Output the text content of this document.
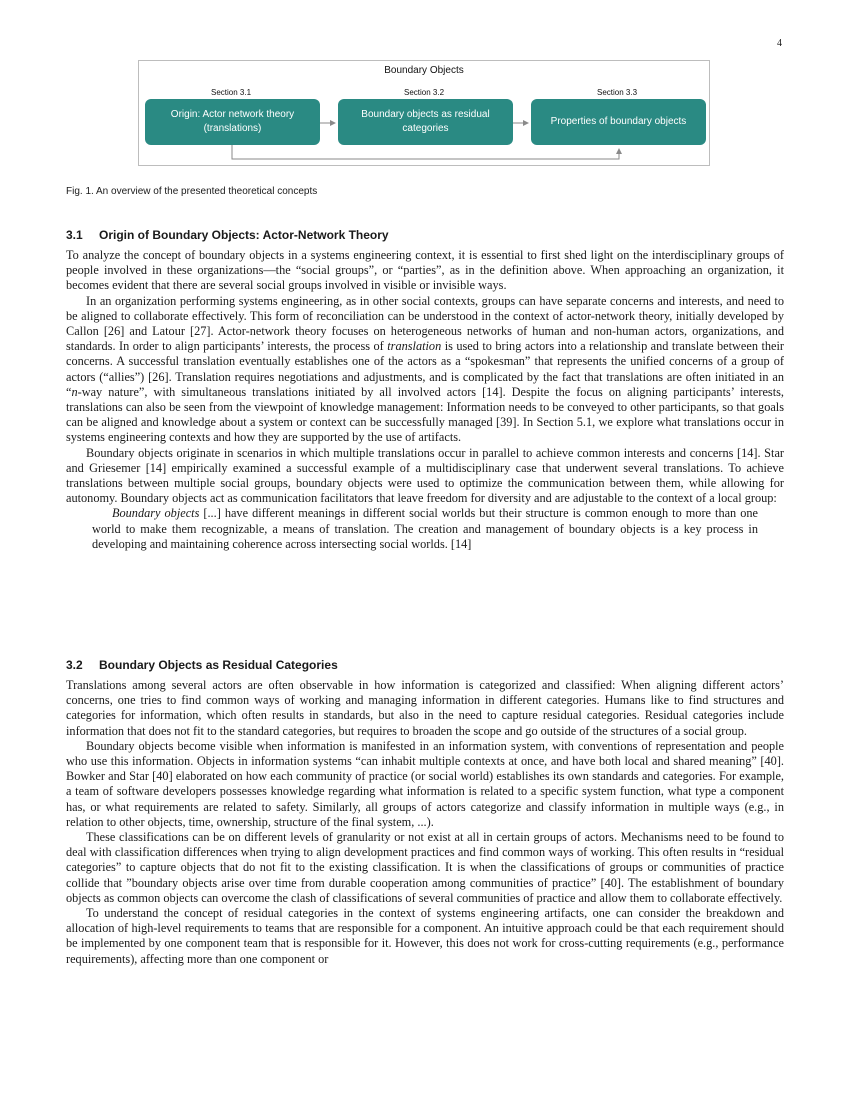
4
Boundary Objects
Section 3.1	Section 3.2	Section 3.3
Origin: Actor network theory (translations)
Boundary objects as residual categories
Properties of boundary objects
Fig. 1. An overview of the presented theoretical concepts
3.1 Origin of Boundary Objects: Actor-Network Theory

To analyze the concept of boundary objects in a systems engineering context, it is essential to first shed light on the interdisciplinary groups of people involved in these organizations—the “social groups”, or “parties”, as in the definition above. When approaching an organization, it becomes evident that there are several social groups involved in visible or invisible ways.

In an organization performing systems engineering, as in other social contexts, groups can have separate concerns and interests, and need to be aligned to collaborate effectively. This form of reconciliation can be understood in the context of actor-network theory, initially developed by Callon [26] and Latour [27]. Actor-network theory focuses on heterogeneous networks of human and non-human actors, organizations, and standards. In order to align participants’ interests, the process of translation is used to bring actors into a relationship and translate between their concerns. A successful translation eventually establishes one of the actors as a “spokesman” that represents the unified concerns of a group of actors (“allies”) [26]. Translation requires negotiations and adjustments, and is complicated by the fact that translations are often initiated in an “n-way nature”, with simultaneous translations initiated by all involved actors [14]. Despite the focus on aligning participants’ interests, translations can also be seen from the viewpoint of knowledge management: Information needs to be conveyed to other participants, so that goals can be aligned and knowledge about a system or context can be successfully managed [39]. In Section 5.1, we explore what translations occur in systems engineering contexts and how they are supported by the use of artifacts.

Boundary objects originate in scenarios in which multiple translations occur in parallel to achieve common interests and concerns [14]. Star and Griesemer [14] empirically examined a successful example of a multidisciplinary case that underwent several translations. To achieve translations between multiple social groups, boundary objects were used to optimize the communication between them, while allowing for autonomy. Boundary objects act as communication facilitators that leave freedom for diversity and are adjustable to the context of a local group:

Boundary objects [...] have different meanings in different social worlds but their structure is common enough to more than one world to make them recognizable, a means of translation. The creation and management of boundary objects is a key process in developing and maintaining coherence across intersecting social worlds. [14]

3.2 Boundary Objects as Residual Categories

Translations among several actors are often observable in how information is categorized and classified: When aligning different actors’ concerns, one tries to find common ways of working and managing information in different categories. Humans like to find structures and categories for information, which often results in standards, but also in the need to capture residual categories. Residual categories include information that does not fit to the standard categories, but requires to broaden the scope and go outside of the structures of a social group.

Boundary objects become visible when information is manifested in an information system, with conventions of representation and people who use this information. Objects in information systems “can inhabit multiple contexts at once, and have both local and shared meaning” [40]. Bowker and Star [40] elaborated on how each community of practice (or social world) establishes its own standards and categories. For example, a team of software developers possesses knowledge regarding what information is related to a specific system function, what type a component has, or what requirements are related to safety. Similarly, all groups of actors categorize and classify information in multiple ways (e.g., in relation to other objects, time, ownership, structure of the final system, ...).

These classifications can be on different levels of granularity or not exist at all in certain groups of actors. Mechanisms need to be found to deal with classification differences when trying to align development practices and find common ways of working. This often results in “residual categories” to capture objects that do not fit to the existing classification. It is when the classifications of groups or communities of practice collide that ”boundary objects arise over time from durable cooperation among communities of practice” [40]. The establishment of boundary objects as common objects can overcome the clash of classifications of several communities of practice and allow them to collaborate effectively.

To understand the concept of residual categories in the context of systems engineering artifacts, one can consider the breakdown and allocation of high-level requirements to teams that are responsible for a component. An intuitive approach could be that each requirement should be implemented by one component team that is responsible for it. However, this does not work for cross-cutting requirements (e.g., performance requirements), affecting more than one component or
